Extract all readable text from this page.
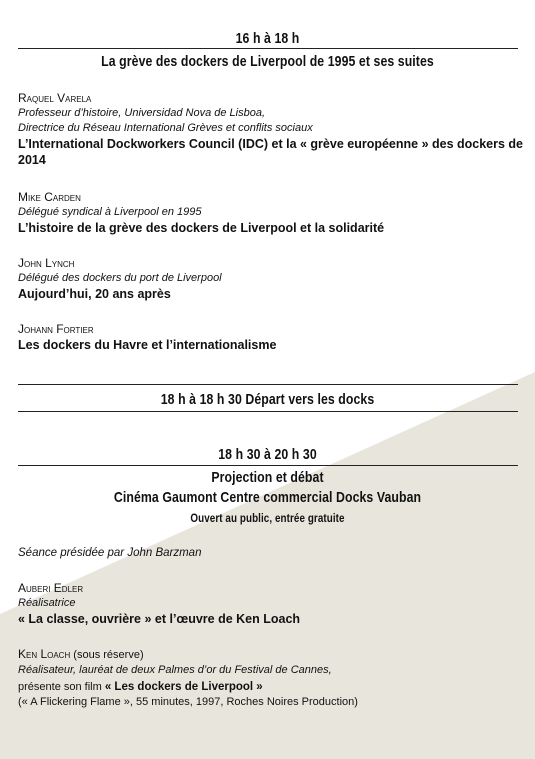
16 h à 18 h
La grève des dockers de Liverpool de 1995 et ses suites
Raquel Varela
Professeur d’histoire, Universidad Nova de Lisboa,
Directrice du Réseau International Grèves et conflits sociaux
L’International Dockworkers Council (IDC) et la « grève européenne » des dockers de 2014
Mike Carden
Délégué syndical à Liverpool en 1995
L’histoire de la grève des dockers de Liverpool et la solidarité
John Lynch
Délégué des dockers du port de Liverpool
Aujourd’hui, 20 ans après
Johann Fortier
Les dockers du Havre et l’internationalisme
18 h à 18 h 30 Départ vers les docks
18 h 30 à 20 h 30
Projection et débat
Cinéma Gaumont Centre commercial Docks Vauban
Ouvert au public, entrée gratuite
Séance présidée par John Barzman
Auberi Edler
Réalisatrice
« La classe, ouvrière » et l’œuvre de Ken Loach
Ken Loach (sous réserve)
Réalisateur, lauréat de deux Palmes d’or du Festival de Cannes,
présente son film « Les dockers de Liverpool »
(« A Flickering Flame », 55 minutes, 1997, Roches Noires Production)
